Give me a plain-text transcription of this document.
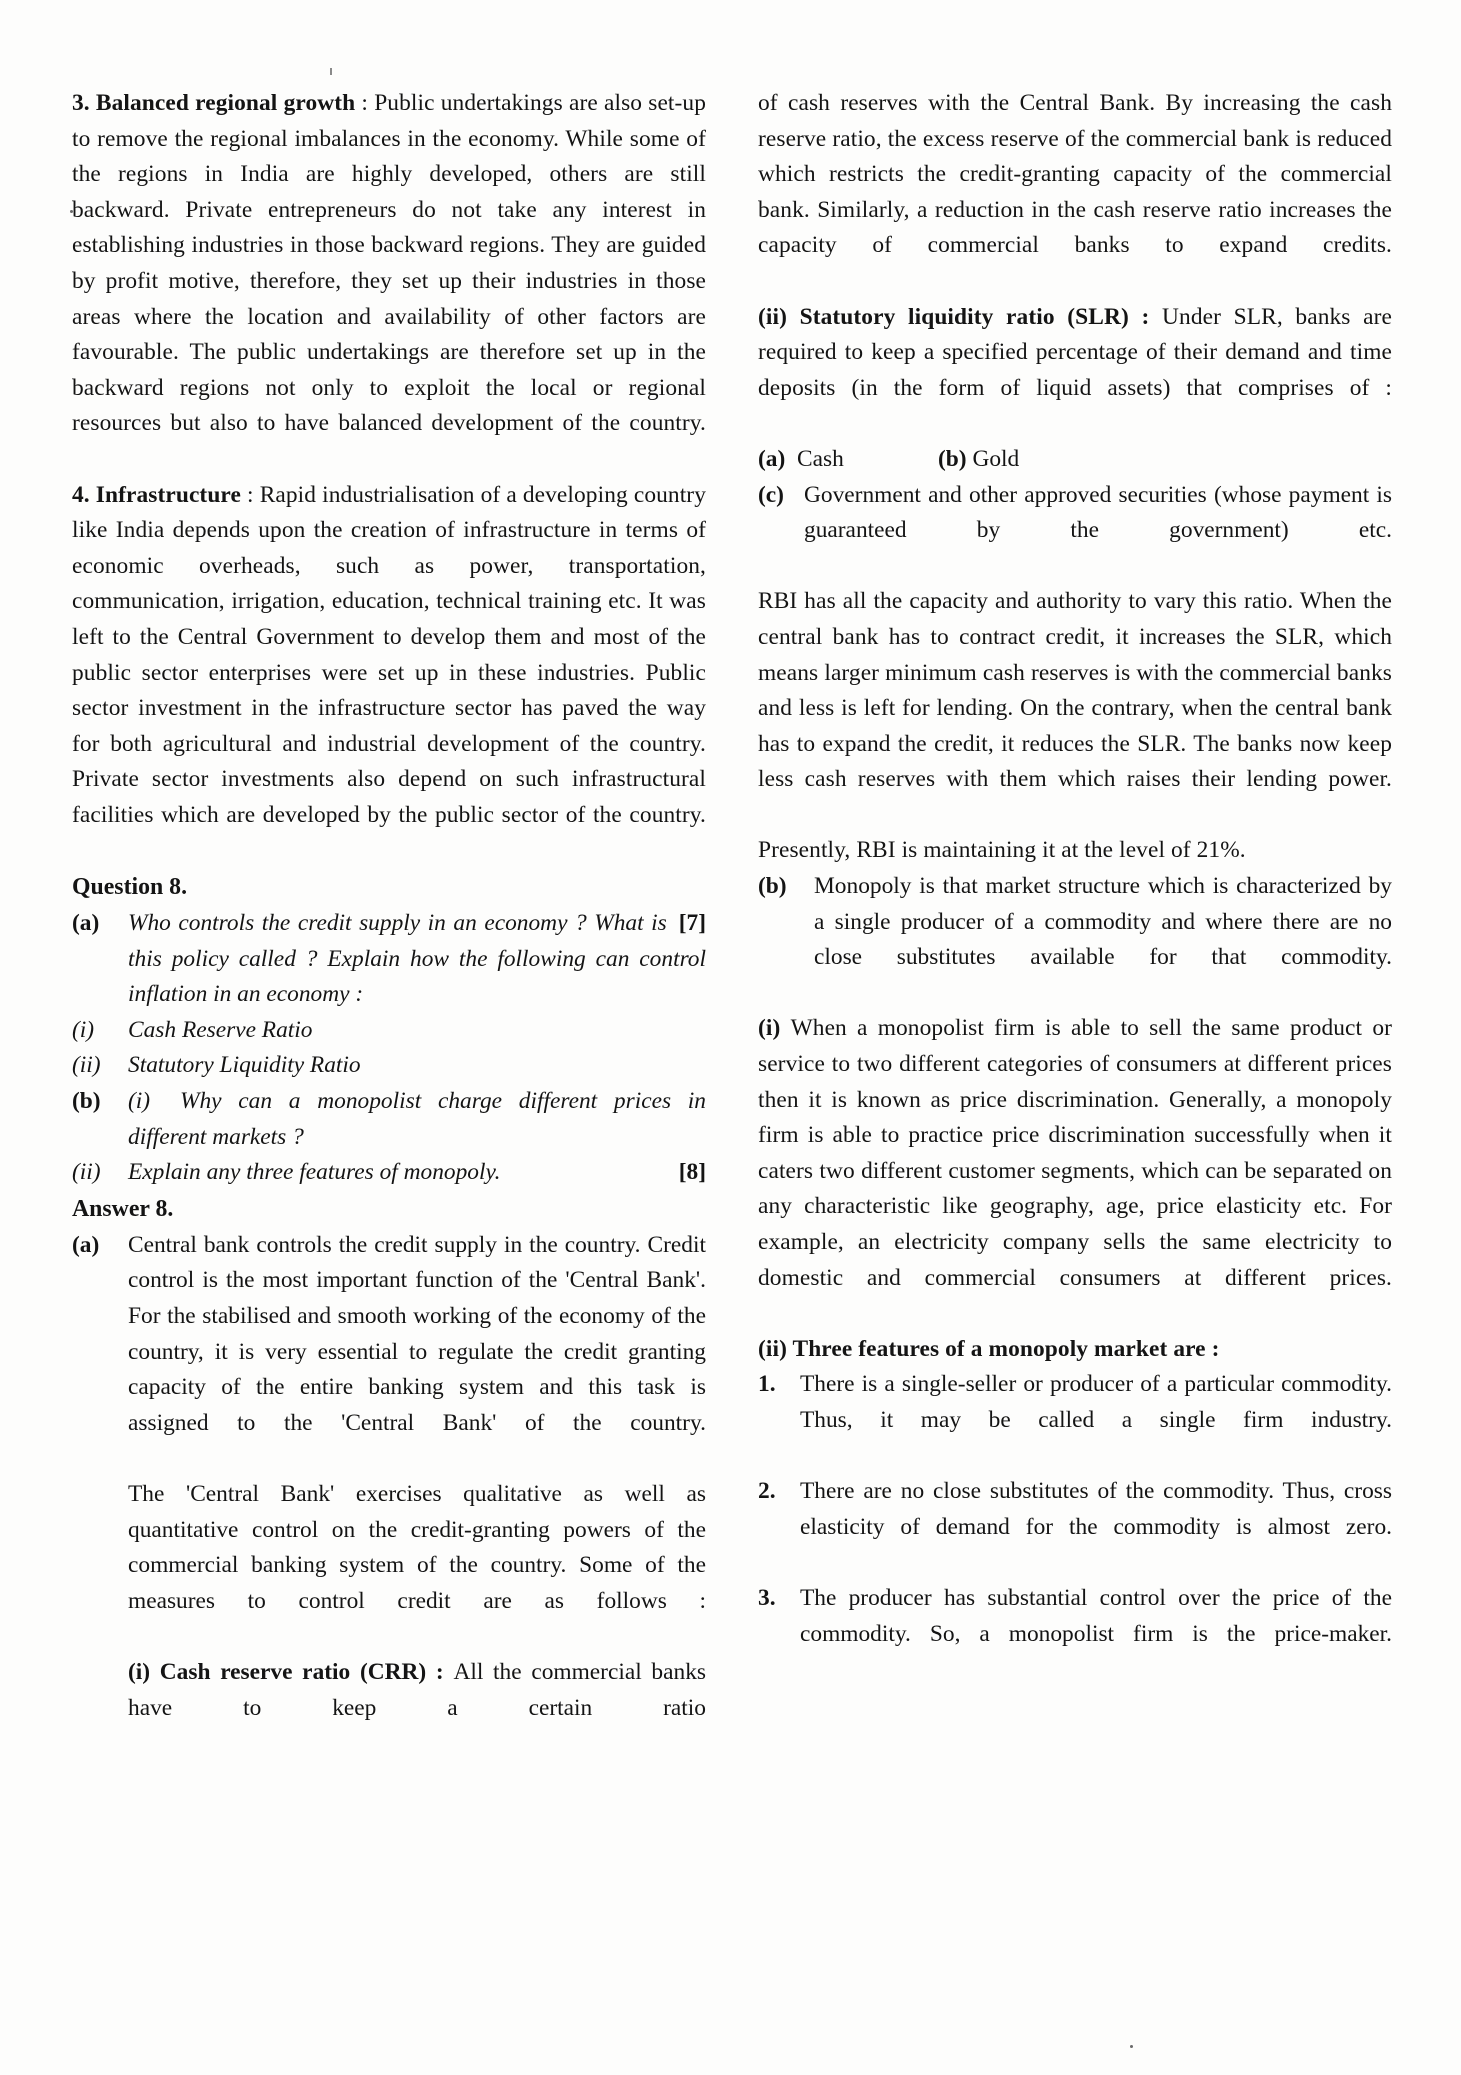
3. Balanced regional growth : Public undertakings are also set-up to remove the regional imbalances in the economy. While some of the regions in India are highly developed, others are still backward. Private entrepreneurs do not take any interest in establishing industries in those backward regions. They are guided by profit motive, therefore, they set up their industries in those areas where the location and availability of other factors are favourable. The public undertakings are therefore set up in the backward regions not only to exploit the local or regional resources but also to have balanced development of the country.

4. Infrastructure : Rapid industrialisation of a developing country like India depends upon the creation of infrastructure in terms of economic overheads, such as power, transportation, communication, irrigation, education, technical training etc. It was left to the Central Government to develop them and most of the public sector enterprises were set up in these industries. Public sector investment in the infrastructure sector has paved the way for both agricultural and industrial development of the country. Private sector investments also depend on such infrastructural facilities which are developed by the public sector of the country.

Question 8.
(a)	[7]
Who controls the credit supply in an economy ? What is this policy called ? Explain how the following can control inflation in an economy :
(i) Cash Reserve Ratio
(ii) Statutory Liquidity Ratio
(b) (i) Why can a monopolist charge different prices in different markets ?
[8]
(ii) Explain any three features of monopoly.
Answer 8.
(a) Central bank controls the credit supply in the country. Credit control is the most important function of the 'Central Bank'. For the stabilised and smooth working of the economy of the country, it is very essential to regulate the credit granting capacity of the entire banking system and this task is assigned to the 'Central Bank' of the country.
The 'Central Bank' exercises qualitative as well as quantitative control on the credit-granting powers of the commercial banking system of the country. Some of the measures to control credit are as follows :
(i) Cash reserve ratio (CRR) : All the commercial banks have to keep a certain ratio

of cash reserves with the Central Bank. By increasing the cash reserve ratio, the excess reserve of the commercial bank is reduced which restricts the credit-granting capacity of the commercial bank. Similarly, a reduction in the cash reserve ratio increases the capacity of commercial banks to expand credits.

(ii) Statutory liquidity ratio (SLR) : Under SLR, banks are required to keep a specified percentage of their demand and time deposits (in the form of liquid assets) that comprises of :

(a) Cash	(b) Gold
(c) Government and other approved securities (whose payment is guaranteed by the government) etc.

RBI has all the capacity and authority to vary this ratio. When the central bank has to contract credit, it increases the SLR, which means larger minimum cash reserves is with the commercial banks and less is left for lending. On the contrary, when the central bank has to expand the credit, it reduces the SLR. The banks now keep less cash reserves with them which raises their lending power.

Presently, RBI is maintaining it at the level of 21%.

(b) Monopoly is that market structure which is characterized by a single producer of a commodity and where there are no close substitutes available for that commodity.

(i) When a monopolist firm is able to sell the same product or service to two different categories of consumers at different prices then it is known as price discrimination. Generally, a monopoly firm is able to practice price discrimination successfully when it caters two different customer segments, which can be separated on any characteristic like geography, age, price elasticity etc. For example, an electricity company sells the same electricity to domestic and commercial consumers at different prices.

(ii) Three features of a monopoly market are :

1. There is a single-seller or producer of a particular commodity. Thus, it may be called a single firm industry.
2. There are no close substitutes of the commodity. Thus, cross elasticity of demand for the commodity is almost zero.
3. The producer has substantial control over the price of the commodity. So, a monopolist firm is the price-maker.
